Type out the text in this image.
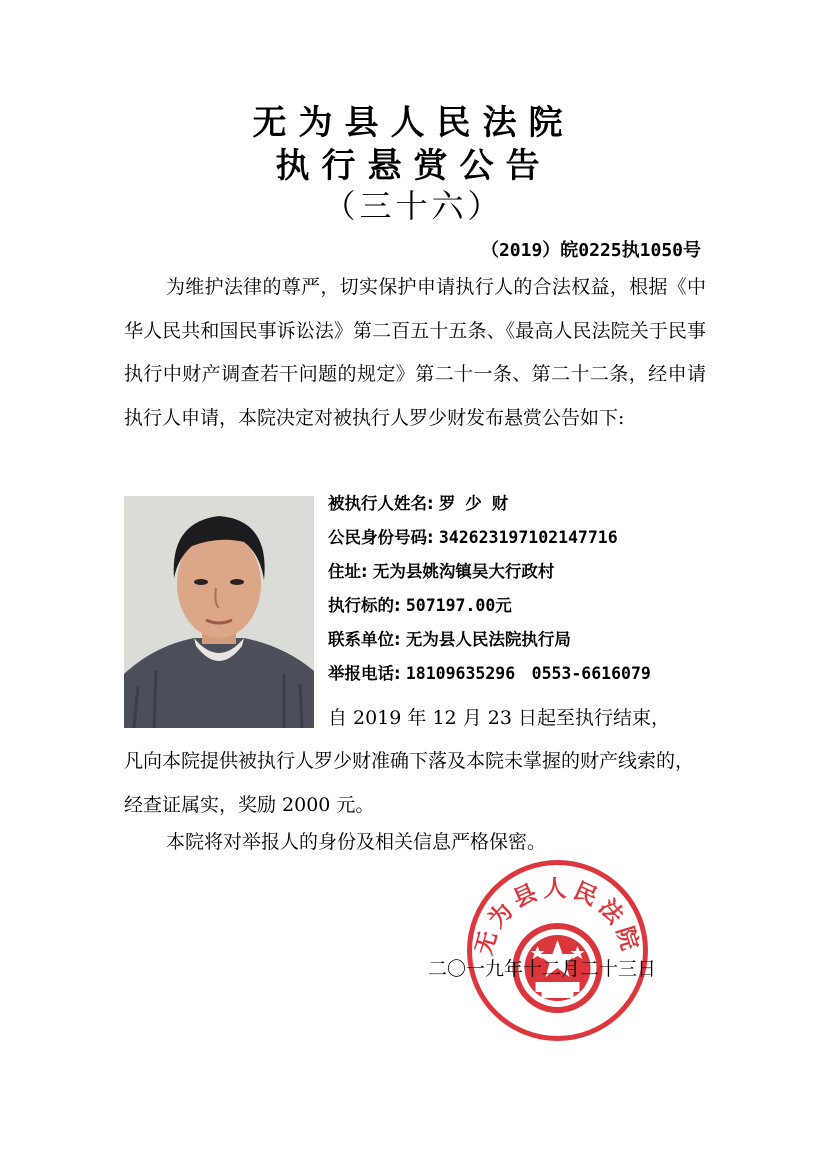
无为县人民法院
执行悬赏公告
（三十六）
（2019）皖0225执1050号

为维护法律的尊严，切实保护申请执行人的合法权益，根据《中华人民共和国民事诉讼法》第二百五十五条、《最高人民法院关于民事执行中财产调查若干问题的规定》第二十一条、第二十二条，经申请执行人申请，本院决定对被执行人罗少财发布悬赏公告如下:

被执行人姓名: 罗 少 财
公民身份号码: 342623197102147716
住址: 无为县姚沟镇吴大行政村
执行标的: 507197.00元
联系单位: 无为县人民法院执行局
举报电话: 18109635296　0553-6616079

自 2019 年 12 月 23 日起至执行结束，

凡向本院提供被执行人罗少财准确下落及本院未掌握的财产线索的，经查证属实，奖励 2000 元。

本院将对举报人的身份及相关信息严格保密。

无为县人民法院
二〇一九年十二月二十三日
